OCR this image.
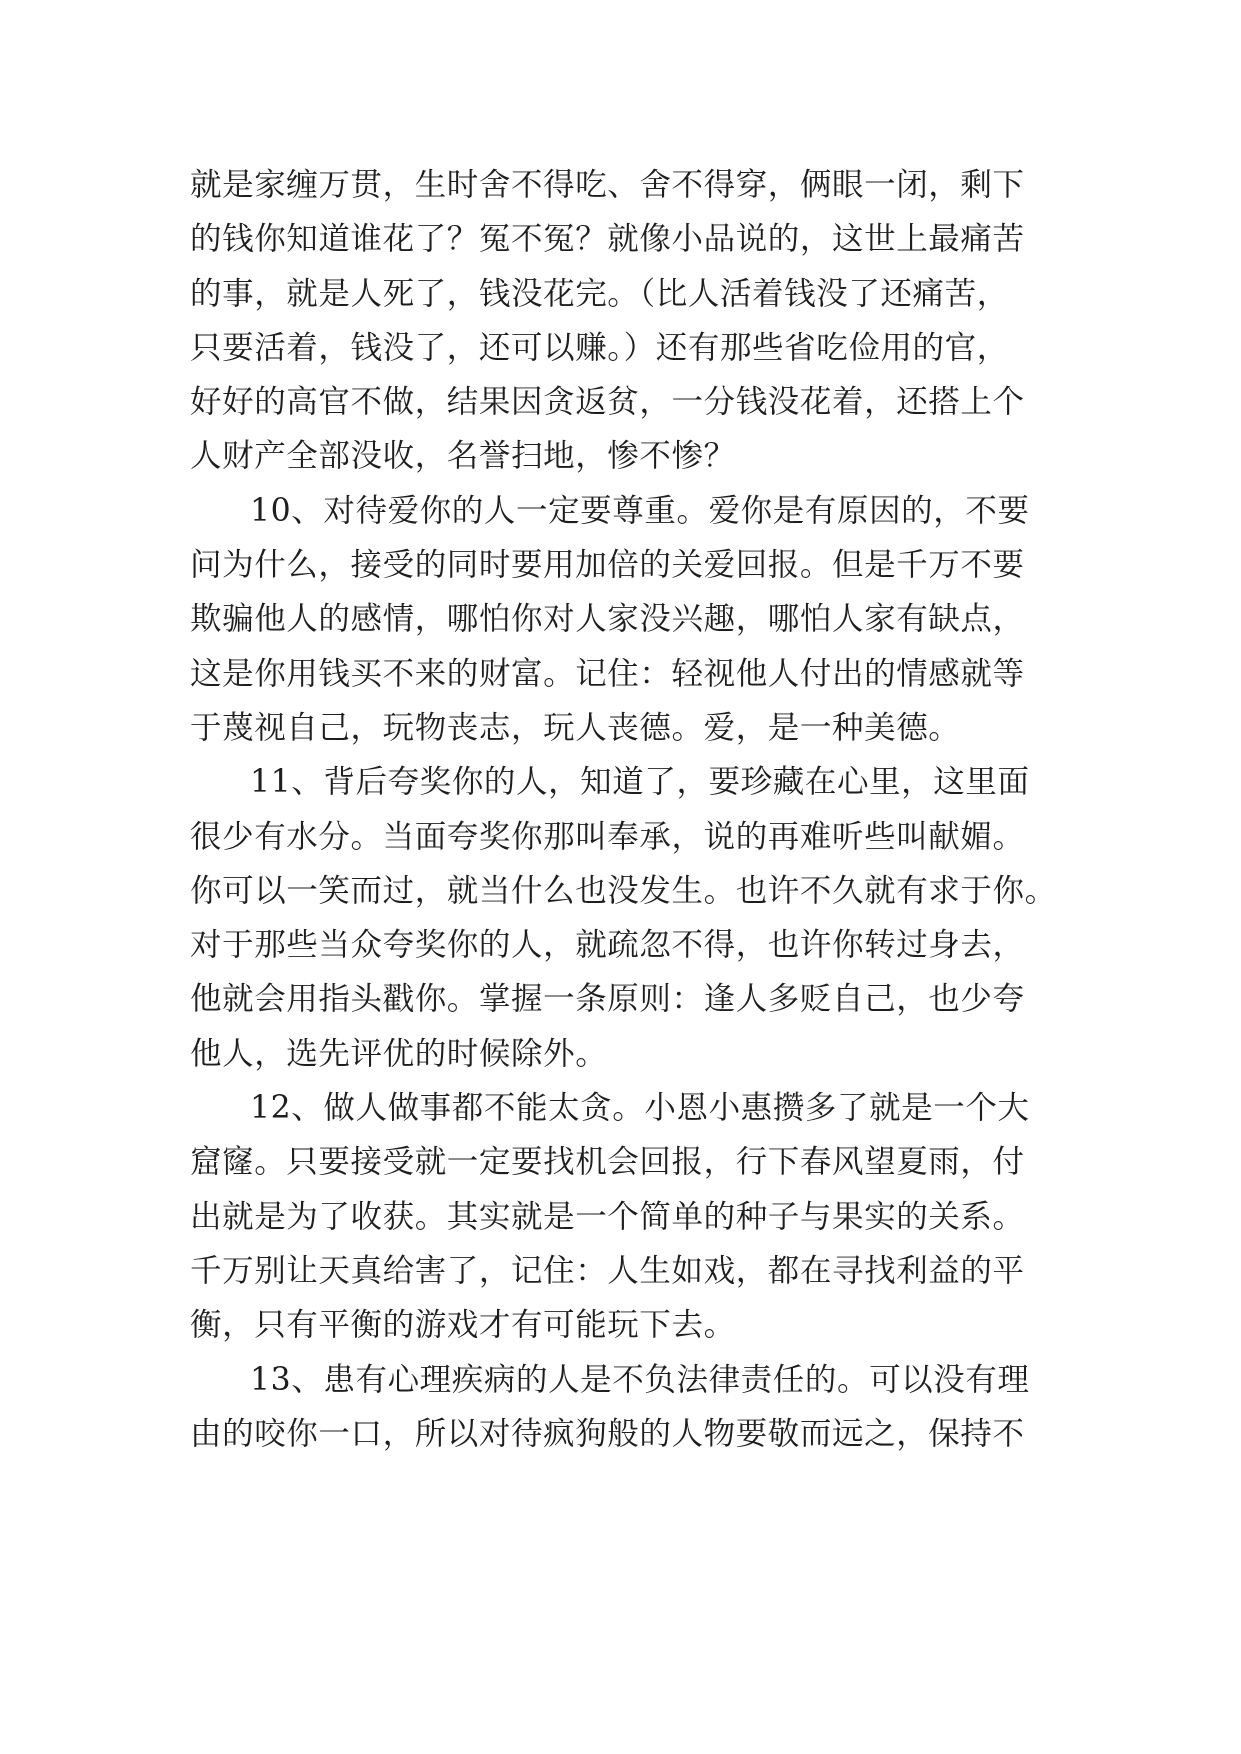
就是家缠万贯，生时舍不得吃、舍不得穿，俩眼一闭，剩下
的钱你知道谁花了？冤不冤？就像小品说的，这世上最痛苦
的事，就是人死了，钱没花完。（比人活着钱没了还痛苦，
只要活着，钱没了，还可以赚。）还有那些省吃俭用的官，
好好的高官不做，结果因贪返贫，一分钱没花着，还搭上个
人财产全部没收，名誉扫地，惨不惨？
10、对待爱你的人一定要尊重。爱你是有原因的，不要
问为什么，接受的同时要用加倍的关爱回报。但是千万不要
欺骗他人的感情，哪怕你对人家没兴趣，哪怕人家有缺点，
这是你用钱买不来的财富。记住：轻视他人付出的情感就等
于蔑视自己，玩物丧志，玩人丧德。爱，是一种美德。
11、背后夸奖你的人，知道了，要珍藏在心里，这里面
很少有水分。当面夸奖你那叫奉承，说的再难听些叫献媚。
你可以一笑而过，就当什么也没发生。也许不久就有求于你。
对于那些当众夸奖你的人，就疏忽不得，也许你转过身去，
他就会用指头戳你。掌握一条原则：逢人多贬自己，也少夸
他人，选先评优的时候除外。
12、做人做事都不能太贪。小恩小惠攒多了就是一个大
窟窿。只要接受就一定要找机会回报，行下春风望夏雨，付
出就是为了收获。其实就是一个简单的种子与果实的关系。
千万别让天真给害了，记住：人生如戏，都在寻找利益的平
衡，只有平衡的游戏才有可能玩下去。
13、患有心理疾病的人是不负法律责任的。可以没有理
由的咬你一口，所以对待疯狗般的人物要敬而远之，保持不
